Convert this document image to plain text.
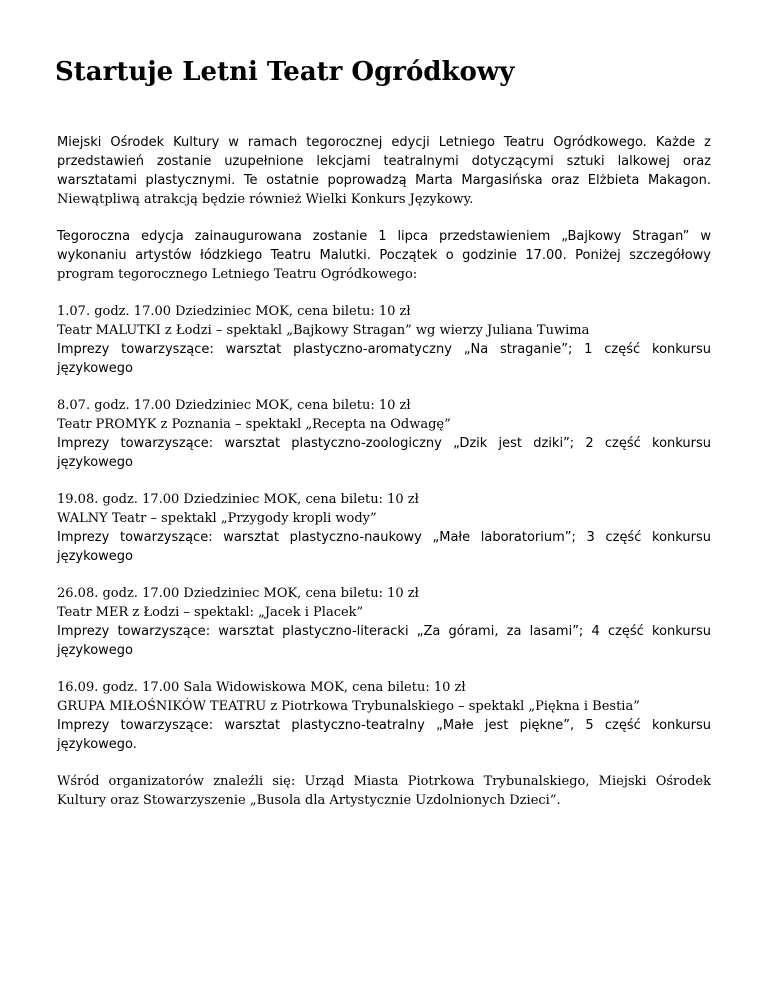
Startuje Letni Teatr Ogródkowy

Miejski Ośrodek Kultury w ramach tegorocznej edycji Letniego Teatru Ogródkowego. Każde z przedstawień zostanie uzupełnione lekcjami teatralnymi dotyczącymi sztuki lalkowej oraz warsztatami plastycznymi. Te ostatnie poprowadzą Marta Margasińska oraz Elżbieta Makagon. Niewątpliwą atrakcją będzie również Wielki Konkurs Językowy.

Tegoroczna edycja zainaugurowana zostanie 1 lipca przedstawieniem „Bajkowy Stragan” w wykonaniu artystów łódzkiego Teatru Malutki. Początek o godzinie 17.00. Poniżej szczegółowy program tegorocznego Letniego Teatru Ogródkowego:

1.07. godz. 17.00 Dziedziniec MOK, cena biletu: 10 zł
Teatr MALUTKI z Łodzi – spektakl „Bajkowy Stragan” wg wierzy Juliana Tuwima
Imprezy towarzyszące: warsztat plastyczno-aromatyczny „Na straganie”; 1 część konkursu
językowego

8.07. godz. 17.00 Dziedziniec MOK, cena biletu: 10 zł
Teatr PROMYK z Poznania – spektakl „Recepta na Odwagę”
Imprezy towarzyszące: warsztat plastyczno-zoologiczny „Dzik jest dziki”; 2 część konkursu
językowego

19.08. godz. 17.00 Dziedziniec MOK, cena biletu: 10 zł
WALNY Teatr – spektakl „Przygody kropli wody”
Imprezy towarzyszące: warsztat plastyczno-naukowy „Małe laboratorium”; 3 część konkursu
językowego

26.08. godz. 17.00 Dziedziniec MOK, cena biletu: 10 zł
Teatr MER z Łodzi – spektakl: „Jacek i Placek”
Imprezy towarzyszące: warsztat plastyczno-literacki „Za górami, za lasami”; 4 część konkursu
językowego

16.09. godz. 17.00 Sala Widowiskowa MOK, cena biletu: 10 zł
GRUPA MIŁOŚNIKÓW TEATRU z Piotrkowa Trybunalskiego – spektakl „Piękna i Bestia”
Imprezy towarzyszące: warsztat plastyczno-teatralny „Małe jest piękne”, 5 część konkursu
językowego.

Wśród organizatorów znaleźli się: Urząd Miasta Piotrkowa Trybunalskiego, Miejski Ośrodek Kultury oraz Stowarzyszenie „Busola dla Artystycznie Uzdolnionych Dzieci”.
